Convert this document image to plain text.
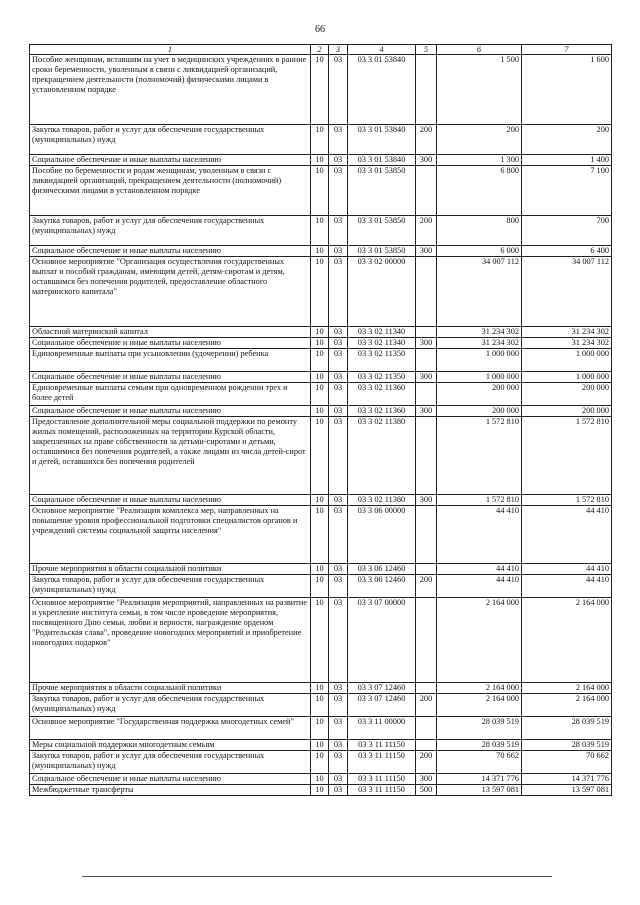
66
1	2	3	4	5	6	7
Пособие женщинам, вставшим на учет в медицинских учреждениях в ранние сроки беременности, уволенным в связи с ликвидацией организаций, прекращением деятельности (полномочий) физическими лицами в установленном порядке	10	03	03 3 01 53840		1 500	1 600
Закупка товаров, работ и услуг для обеспечения государственных (муниципальных) нужд	10	03	03 3 01 53840	200	200	200
Социальное обеспечение и иные выплаты населению	10	03	03 3 01 53840	300	1 300	1 400
Пособие по беременности и родам женщинам, уволенным в связи с ликвидацией организаций, прекращением деятельности (полномочий) физическими лицами в установленном порядке	10	03	03 3 01 53850		6 800	7 100
Закупка товаров, работ и услуг для обеспечения государственных (муниципальных) нужд	10	03	03 3 01 53850	200	800	700
Социальное обеспечение и иные выплаты населению	10	03	03 3 01 53850	300	6 000	6 400
Основное мероприятие "Организация осуществления государственных выплат и пособий гражданам, имеющим детей, детям-сиротам и детям, оставшимся без попечения родителей, предоставление областного материнского капитала"	10	03	03 3 02 00000		34 007 112	34 007 112
Областной материнский капитал	10	03	03 3 02 11340		31 234 302	31 234 302
Социальное обеспечение и иные выплаты населению	10	03	03 3 02 11340	300	31 234 302	31 234 302
Единовременные выплаты при усыновлении (удочерении) ребенка	10	03	03 3 02 11350		1 000 000	1 000 000
Социальное обеспечение и иные выплаты населению	10	03	03 3 02 11350	300	1 000 000	1 000 000
Единовременные выплаты семьям при одновременном рождении трех и более детей	10	03	03 3 02 11360		200 000	200 000
Социальное обеспечение и иные выплаты населению	10	03	03 3 02 11360	300	200 000	200 000
Предоставление дополнительной меры социальной поддержки по ремонту жилых помещений, расположенных на территории Курской области, закрепленных на праве собственности за детьми-сиротами и детьми, оставшимися без попечения родителей, а также лицами из числа детей-сирот и детей, оставшихся без попечения родителей	10	03	03 3 02 11380		1 572 810	1 572 810
Социальное обеспечение и иные выплаты населению	10	03	03 3 02 11380	300	1 572 810	1 572 810
Основное мероприятие "Реализация комплекса мер, направленных на повышение уровня профессиональной подготовки специалистов органов и учреждений системы социальной защиты населения"	10	03	03 3 06 00000		44 410	44 410
Прочие мероприятия в области социальной политики	10	03	03 3 06 12460		44 410	44 410
Закупка товаров, работ и услуг для обеспечения государственных (муниципальных) нужд	10	03	03 3 06 12460	200	44 410	44 410
Основное мероприятие "Реализация мероприятий, направленных на развитие и укрепление института семьи, в том числе проведение мероприятия, посвященного Дню семьи, любви и верности, награждение орденом "Родительская слава", проведение новогодних мероприятий и приобретение новогодних подарков"	10	03	03 3 07 00000		2 164 000	2 164 000
Прочие мероприятия в области социальной политики	10	03	03 3 07 12460		2 164 000	2 164 000
Закупка товаров, работ и услуг для обеспечения государственных (муниципальных) нужд	10	03	03 3 07 12460	200	2 164 000	2 164 000
Основное мероприятие "Государственная поддержка многодетных семей"	10	03	03 3 11 00000		28 039 519	28 039 519
Меры социальной поддержки многодетным семьям	10	03	03 3 11 11150		28 039 519	28 039 519
Закупка товаров, работ и услуг для обеспечения государственных (муниципальных) нужд	10	03	03 3 11 11150	200	70 662	70 662
Социальное обеспечение и иные выплаты населению	10	03	03 3 11 11150	300	14 371 776	14 371 776
Межбюджетные трансферты	10	03	03 3 11 11150	500	13 597 081	13 597 081
